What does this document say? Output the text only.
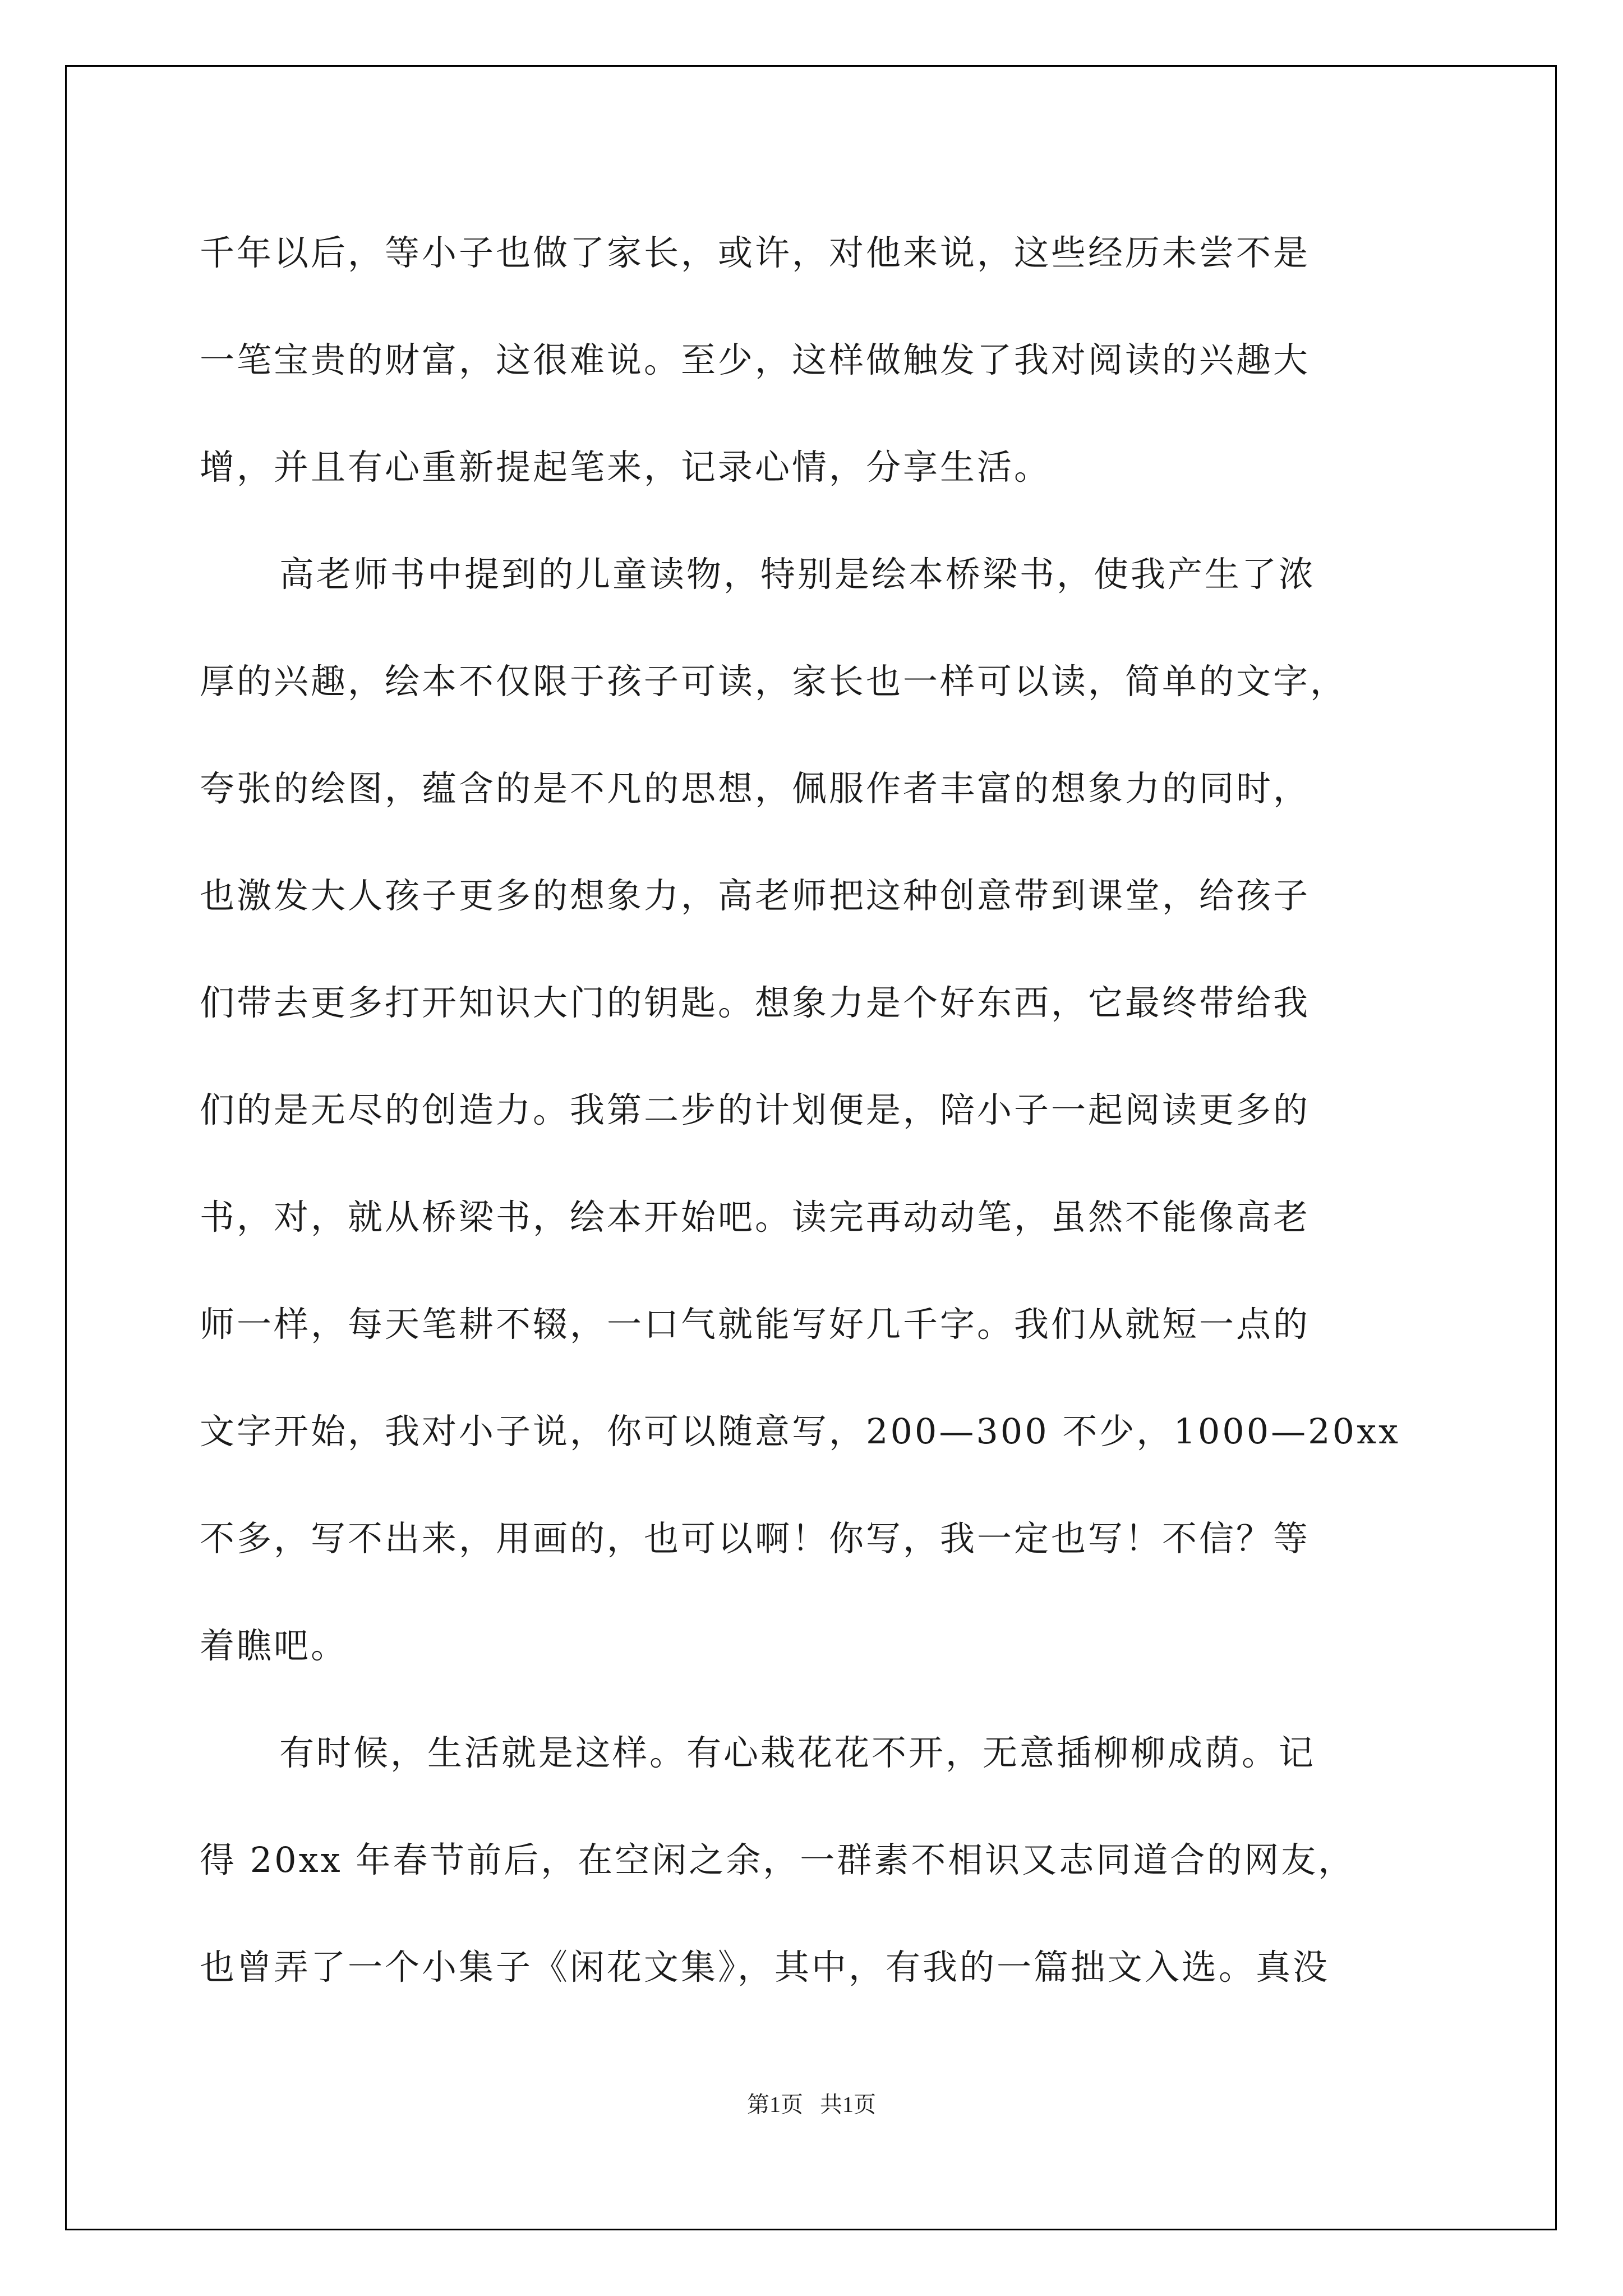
千年以后，等小子也做了家长，或许，对他来说，这些经历未尝不是
一笔宝贵的财富，这很难说。至少，这样做触发了我对阅读的兴趣大
增，并且有心重新提起笔来，记录心情，分享生活。
高老师书中提到的儿童读物，特别是绘本桥梁书，使我产生了浓
厚的兴趣，绘本不仅限于孩子可读，家长也一样可以读，简单的文字，
夸张的绘图，蕴含的是不凡的思想，佩服作者丰富的想象力的同时，
也激发大人孩子更多的想象力，高老师把这种创意带到课堂，给孩子
们带去更多打开知识大门的钥匙。想象力是个好东西，它最终带给我
们的是无尽的创造力。我第二步的计划便是，陪小子一起阅读更多的
书，对，就从桥梁书，绘本开始吧。读完再动动笔，虽然不能像高老
师一样，每天笔耕不辍，一口气就能写好几千字。我们从就短一点的
文字开始，我对小子说，你可以随意写，200—300 不少，1000—20xx
不多，写不出来，用画的，也可以啊！你写，我一定也写！不信？等
着瞧吧。
有时候，生活就是这样。有心栽花花不开，无意插柳柳成荫。记
得 20xx 年春节前后，在空闲之余，一群素不相识又志同道合的网友，
也曾弄了一个小集子《闲花文集》，其中，有我的一篇拙文入选。真没
第1页   共1页
